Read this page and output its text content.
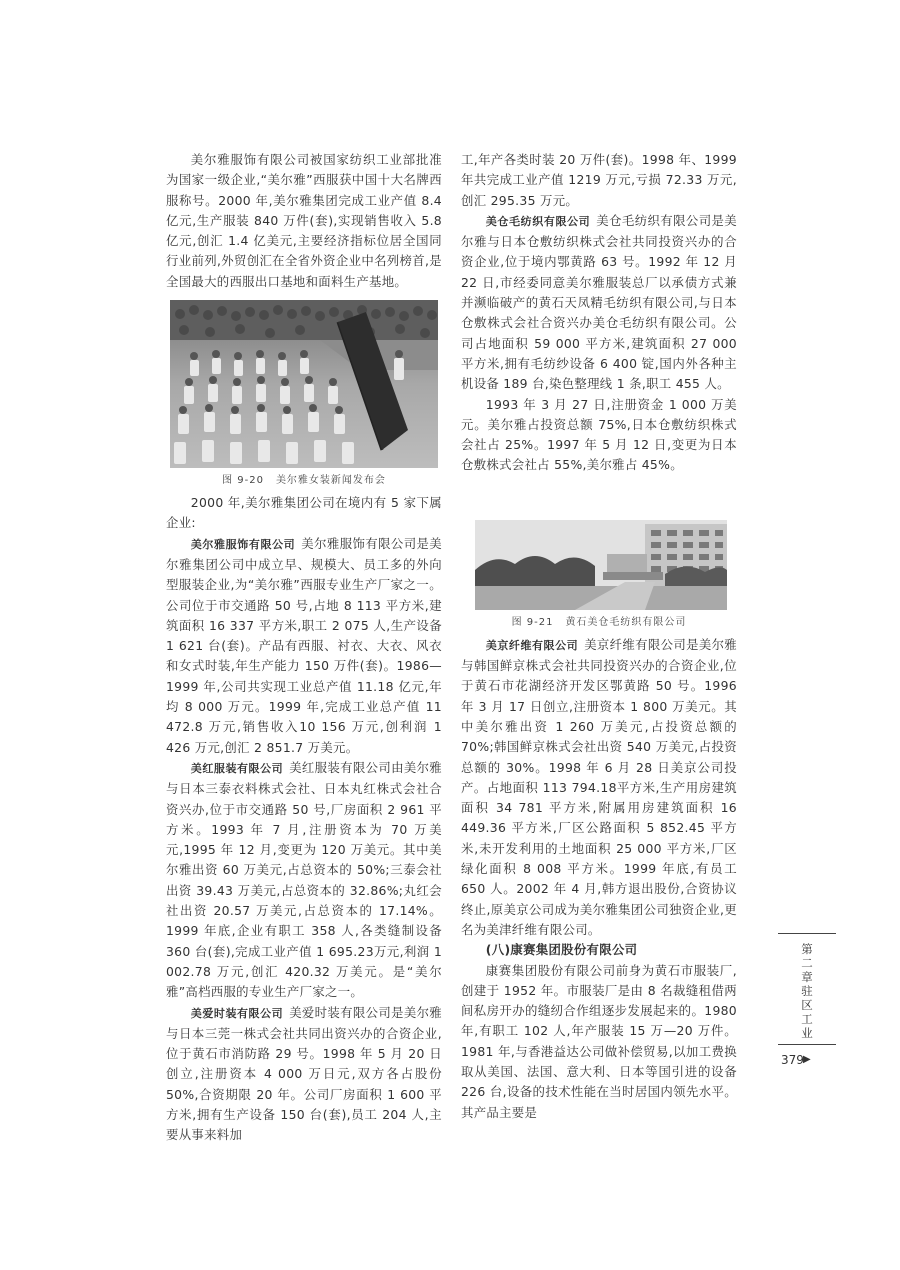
美尔雅服饰有限公司被国家纺织工业部批准为国家一级企业,“美尔雅”西服获中国十大名牌西服称号。2000 年,美尔雅集团完成工业产值 8.4 亿元,生产服装 840 万件(套),实现销售收入 5.8 亿元,创汇 1.4 亿美元,主要经济指标位居全国同行业前列,外贸创汇在全省外资企业中名列榜首,是全国最大的西服出口基地和面料生产基地。

图 9-20 美尔雅女装新闻发布会

2000 年,美尔雅集团公司在境内有 5 家下属企业:

美尔雅服饰有限公司 美尔雅服饰有限公司是美尔雅集团公司中成立早、规模大、员工多的外向型服装企业,为“美尔雅”西服专业生产厂家之一。公司位于市交通路 50 号,占地 8 113 平方米,建筑面积 16 337 平方米,职工 2 075 人,生产设备 1 621 台(套)。产品有西服、衬衣、大衣、风衣和女式时装,年生产能力 150 万件(套)。1986—1999 年,公司共实现工业总产值 11.18 亿元,年均 8 000 万元。1999 年,完成工业总产值 11 472.8 万元,销售收入10 156 万元,创利润 1 426 万元,创汇 2 851.7 万美元。

美红服装有限公司 美红服装有限公司由美尔雅与日本三泰衣料株式会社、日本丸红株式会社合资兴办,位于市交通路 50 号,厂房面积 2 961 平方米。1993 年 7 月,注册资本为 70 万美元,1995 年 12 月,变更为 120 万美元。其中美尔雅出资 60 万美元,占总资本的 50%;三泰会社出资 39.43 万美元,占总资本的 32.86%;丸红会社出资 20.57 万美元,占总资本的 17.14%。1999 年底,企业有职工 358 人,各类缝制设备 360 台(套),完成工业产值 1 695.23万元,利润 1 002.78 万元,创汇 420.32 万美元。是“美尔雅”高档西服的专业生产厂家之一。

美爱时装有限公司 美爱时装有限公司是美尔雅与日本三莞一株式会社共同出资兴办的合资企业,位于黄石市消防路 29 号。1998 年 5 月 20 日创立,注册资本 4 000 万日元,双方各占股份 50%,合资期限 20 年。公司厂房面积 1 600 平方米,拥有生产设备 150 台(套),员工 204 人,主要从事来料加

工,年产各类时装 20 万件(套)。1998 年、1999 年共完成工业产值 1219 万元,亏损 72.33 万元,创汇 295.35 万元。

美仓毛纺织有限公司 美仓毛纺织有限公司是美尔雅与日本仓敷纺织株式会社共同投资兴办的合资企业,位于境内鄂黄路 63 号。1992 年 12 月 22 日,市经委同意美尔雅服装总厂以承债方式兼并濒临破产的黄石天凤精毛纺织有限公司,与日本仓敷株式会社合资兴办美仓毛纺织有限公司。公司占地面积 59 000 平方米,建筑面积 27 000 平方米,拥有毛纺纱设备 6 400 锭,国内外各种主机设备 189 台,染色整理线 1 条,职工 455 人。

1993 年 3 月 27 日,注册资金 1 000 万美元。美尔雅占投资总额 75%,日本仓敷纺织株式会社占 25%。1997 年 5 月 12 日,变更为日本仓敷株式会社占 55%,美尔雅占 45%。

图 9-21 黄石美仓毛纺织有限公司

美京纤维有限公司 美京纤维有限公司是美尔雅与韩国鲜京株式会社共同投资兴办的合资企业,位于黄石市花湖经济开发区鄂黄路 50 号。1996 年 3 月 17 日创立,注册资本 1 800 万美元。其中美尔雅出资 1 260 万美元,占投资总额的 70%;韩国鲜京株式会社出资 540 万美元,占投资总额的 30%。1998 年 6 月 28 日美京公司投产。占地面积 113 794.18平方米,生产用房建筑面积 34 781 平方米,附属用房建筑面积 16 449.36 平方米,厂区公路面积 5 852.45 平方米,未开发利用的土地面积 25 000 平方米,厂区绿化面积 8 008 平方米。1999 年底,有员工 650 人。2002 年 4 月,韩方退出股份,合资协议终止,原美京公司成为美尔雅集团公司独资企业,更名为美津纤维有限公司。

(八)康赛集团股份有限公司

康赛集团股份有限公司前身为黄石市服装厂,创建于 1952 年。市服装厂是由 8 名裁缝租借两间私房开办的缝纫合作组逐步发展起来的。1980 年,有职工 102 人,年产服装 15 万—20 万件。1981 年,与香港益达公司做补偿贸易,以加工费换取从美国、法国、意大利、日本等国引进的设备 226 台,设备的技术性能在当时居国内领先水平。其产品主要是

第二章 驻区工业
379 ▶
